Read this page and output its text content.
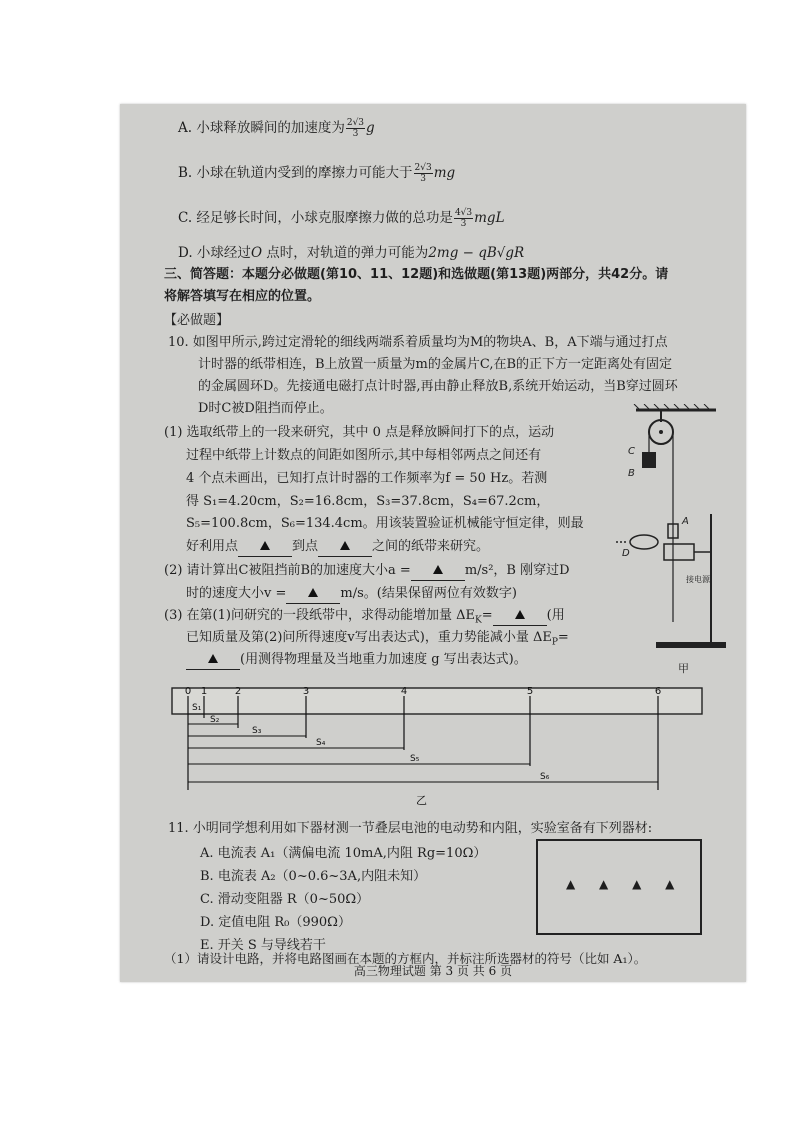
A. 小球释放瞬间的加速度为 $\frac{2√3}{3}$ g
B. 小球在轨道内受到的摩擦力可能大于 $\frac{2√3}{3}$ mg
C. 经足够长时间，小球克服摩擦力做的总功是 $\frac{4√3}{3}$ mgL
D. 小球经过O 点时，对轨道的弹力可能为2mg − qB√gR
三、简答题：本题分必做题(第10、11、12题)和选做题(第13题)两部分，共42分。请
将解答填写在相应的位置。
【必做题】
10. 如图甲所示,跨过定滑轮的细线两端系着质量均为M的物块A、B，A下端与通过打点
计时器的纸带相连，B上放置一质量为m的金属片C,在B的正下方一定距离处有固定
的金属圆环D。先接通电磁打点计时器,再由静止释放B,系统开始运动，当B穿过圆环
D时C被D阻挡而停止。
(1) 选取纸带上的一段来研究，其中 0 点是释放瞬间打下的点，运动
过程中纸带上计数点的间距如图所示,其中每相邻两点之间还有
4 个点未画出，已知打点计时器的工作频率为f = 50 Hz。若测
得 S₁=4.20cm，S₂=16.8cm，S₃=37.8cm，S₄=67.2cm，
S₅=100.8cm，S₆=134.4cm。用该装置验证机械能守恒定律，则最
好利用点	到点	之间的纸带来研究。
(2) 请计算出C被阻挡前B的加速度大小a =	m/s²，B 刚穿过D
时的速度大小v =	m/s。(结果保留两位有效数字)
(3) 在第(1)问研究的一段纸带中，求得动能增加量 $\Delta E_K=$	(用
已知质量及第(2)问所得速度v写出表达式)，重力势能减小量 $\Delta E_P=$
(用测得物理量及当地重力加速度 g 写出表达式)。
C
B
A
D
接电源
甲
0 1	2	3	4	5	6
S₁
S₂
S₃
S₄
S₅
S₆
乙
11. 小明同学想利用如下器材测一节叠层电池的电动势和内阻，实验室备有下列器材:
A. 电流表 A₁（满偏电流 10mA,内阻 Rg=10Ω）
B. 电流表 A₂（0~0.6~3A,内阻未知）
C. 滑动变阻器 R（0~50Ω）
D. 定值电阻 R₀（990Ω）
E. 开关 S 与导线若干
▲ ▲ ▲ ▲
（1）请设计电路，并将电路图画在本题的方框内，并标注所选器材的符号（比如 A₁）。
高三物理试题 第 3 页 共 6 页
